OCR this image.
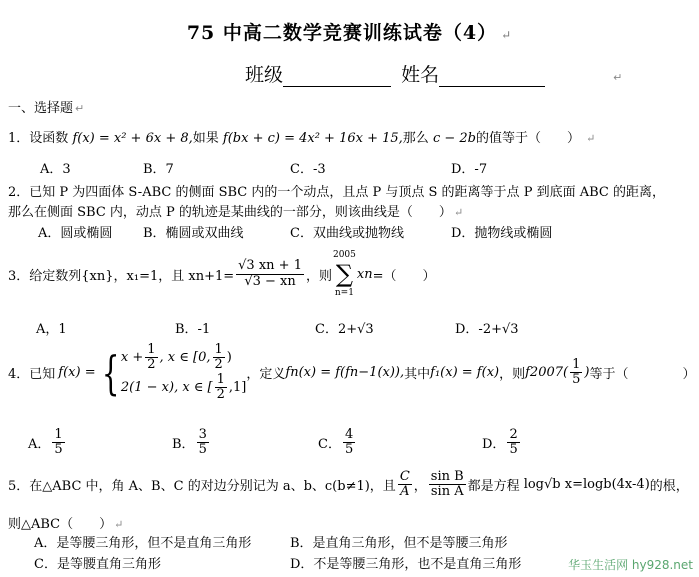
75 中高二数学竞赛训练试卷（4） ↵
班级	姓名	↵
一、选择题 ↵
1．设函数 f(x) = x² + 6x + 8,如果 f(bx + c) = 4x² + 16x + 15,那么 c − 2b的值等于（　　） ↵
A．3	B．7	C．-3	D．-7
2．已知 P 为四面体 S-ABC 的侧面 SBC 内的一个动点，且点 P 与顶点 S 的距离等于点 P 到底面 ABC 的距离，
那么在侧面 SBC 内，动点 P 的轨迹是某曲线的一部分，则该曲线是（　　） ↵
A．圆或椭圆 B．椭圆或双曲线	C．双曲线或抛物线	D．抛物线或椭圆
3． 给定数列{xn}，x₁=1，且 $xn+1= \frac{√3 xn + 1}{√3 - xn}$ ，则
2005
∑
n=1
xn =（　　）
A，1	B．-1	C．2+√3	D．-2+√3
4． 已知 f(x) = { $x + \frac{1}{2}$ , x ∈ [0, $\frac{1}{2}$ )
2(1 − x), x ∈ [ $\frac{1}{2} ,1$]
，定义 fn(x) = f(fn−1(x)), 其中 f₁(x) = f(x) ，则 $f2007( \frac{1}{5}$ ) 等于（	）
A． $\frac{1}{5}$	B． $\frac{3}{5}$	C． $\frac{4}{5}$	D． $\frac{2}{5}$
5． 在△ABC 中，角 A、B、C 的对边分别记为 a、b、c(b≠1)，且 $\frac{C}{A}$ ， $\frac{\text{sin B}}{\text{sin A}}$ 都是方程 log√b x=logb(4x-4) 的根，
则△ABC（　　） ↵
A．是等腰三角形，但不是直角三角形	B．是直角三角形，但不是等腰三角形
C．是等腰直角三角形	D．不是等腰三角形，也不是直角三角形	华玉生活网 hy928.net
